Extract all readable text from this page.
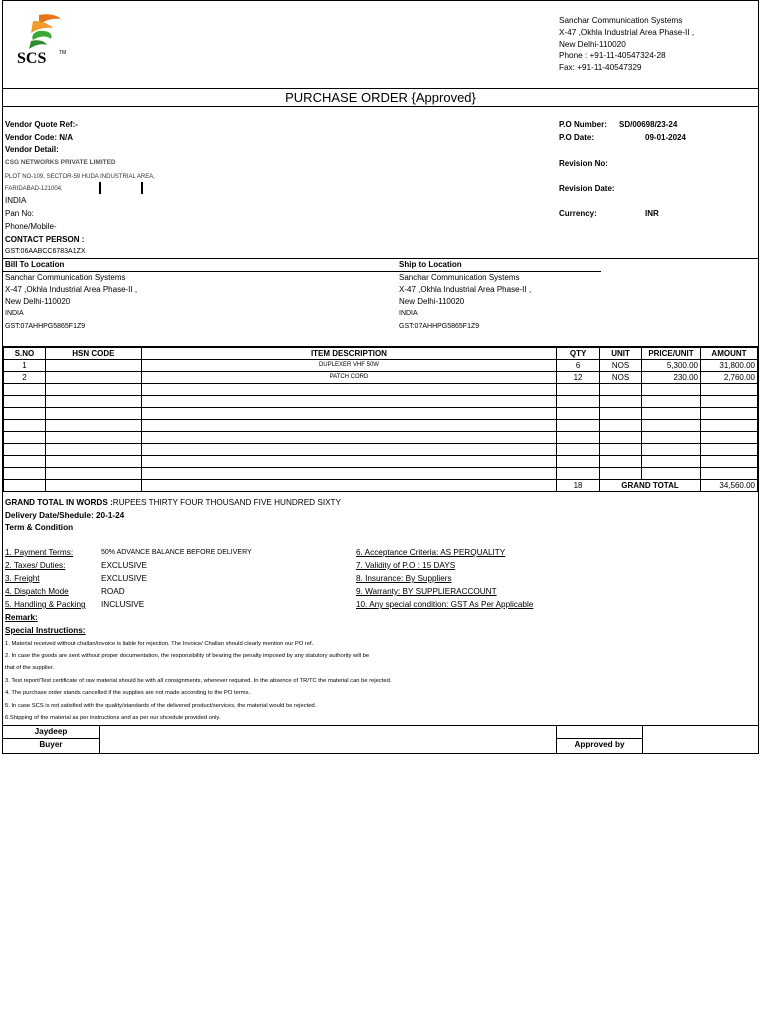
SCS	TM
Sanchar Communication Systems
X-47 ,Okhla Industrial Area Phase-II ,
New Delhi-110020
Phone : +91-11-40547324-28
Fax: +91-11-40547329
PURCHASE ORDER {Approved}
Vendor Quote Ref:-
Vendor Code: N/A
Vendor Detail:
CSG NETWORKS PRIVATE LIMITED
PLOT NO-109, SECTOR-59 HUDA INDUSTRIAL AREA,
FARIDABAD-121004,
INDIA
Pan No:
Phone/Mobile-
CONTACT PERSON :
GST:06AABCC6783A1ZX
P.O Number: SD/00698/23-24
P.O Date:	09-01-2024
Revision No:
Revision Date:
Currency:	INR
Bill To Location
Sanchar Communication Systems
X-47 ,Okhla Industrial Area Phase-II ,
New Delhi-110020
INDIA
GST:07AHHPG5865F1Z9
Ship to Location
Sanchar Communication Systems
X-47 ,Okhla Industrial Area Phase-II ,
New Delhi-110020
INDIA
GST:07AHHPG5865F1Z9
S.NO	HSN CODE	ITEM DESCRIPTION	QTY	UNIT	PRICE/UNIT	AMOUNT
1		DUPLEXER VHF 50W	6	NOS	5,300.00	31,800.00
2		PATCH CORD	12	NOS	230.00	2,760.00

			18	GRAND TOTAL		34,560.00
GRAND TOTAL IN WORDS :RUPEES THIRTY FOUR THOUSAND FIVE HUNDRED SIXTY
Delivery Date/Shedule: 20-1-24
Term & Condition
1. Payment Terms:	50% ADVANCE BALANCE BEFORE DELIVERY
2. Taxes/ Duties:	EXCLUSIVE
3. Freight	EXCLUSIVE
4. Dispatch Mode	ROAD
5. Handling & Packing INCLUSIVE
6. Acceptance Criteria: AS PERQUALITY
7. Validity of P.O : 15 DAYS
8. Insurance: By Suppliers
9. Warranty: BY SUPPLIERACCOUNT
10. Any special condition: GST As Per Applicable
Remark:
Special Instructions:
1. Material received without challan/invoice is liable for rejection. The Invoice/ Challan should clearly mention our PO ref.
2. In case the goods are sent without proper documentation, the responsibility of bearing the penalty imposed by any statutory authority will be
that of the supplier.
3. Test report/Test certificate of raw material should be with all consignments, wherever required. In the absence of TR/TC the material can be rejected.
4. The purchase order stands cancelled if the supplies are not made according to the PO terms.
5. In case SCS is not satisfied with the quality/standards of the delivered product/services, the material would be rejected.
6.Shipping of the material as per instructions and as per our shcedule provided only.
Jaydeep
Buyer	Approved by
